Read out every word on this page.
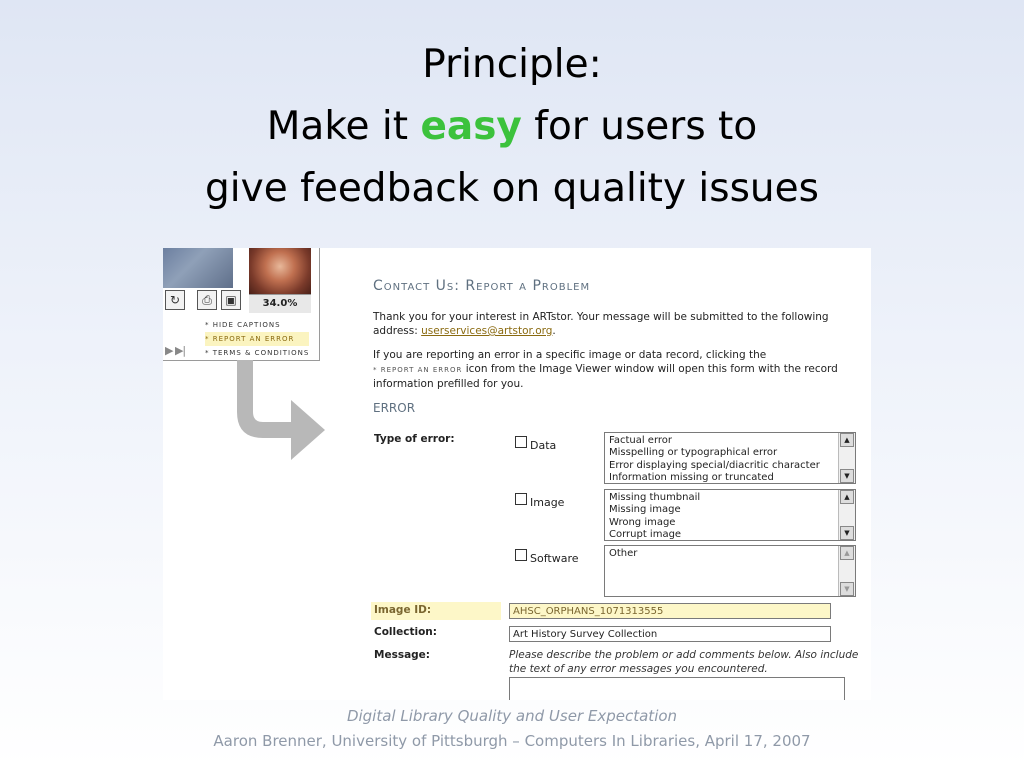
Principle:
Make it easy for users to
give feedback on quality issues
↻	⎙	▣	34.0%
* HIDE CAPTIONS
* REPORT AN ERROR
* TERMS & CONDITIONS
▶ ▶|
Contact Us: Report a Problem
Thank you for your interest in ARTstor. Your message will be submitted to the following address: userservices@artstor.org.
If you are reporting an error in a specific image or data record, clicking the
* REPORT AN ERROR icon from the Image Viewer window will open this form with the record information prefilled for you.
ERROR
Type of error:	Data	Factual error
Misspelling or typographical error
Error displaying special/diacritic character
Information missing or truncated
▲
▼
Image	Missing thumbnail
Missing image
Wrong image
Corrupt image
▲
▼
Software	Other	▲
▼
Image ID:	AHSC_ORPHANS_1071313555
Collection:	Art History Survey Collection
Message:	Please describe the problem or add comments below. Also include the text of any error messages you encountered.
Digital Library Quality and User Expectation
Aaron Brenner, University of Pittsburgh – Computers In Libraries, April 17, 2007
